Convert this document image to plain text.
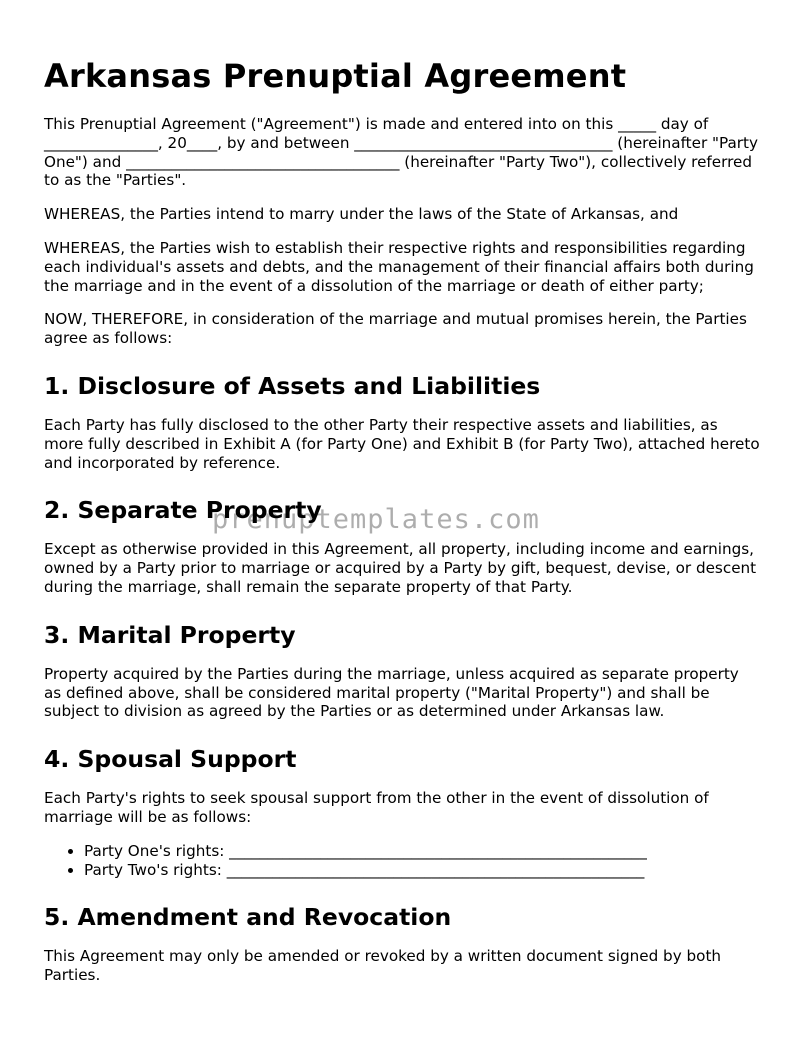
Arkansas Prenuptial Agreement

This Prenuptial Agreement ("Agreement") is made and entered into on this _____ day of _______________, 20____, by and between __________________________________ (hereinafter "Party One") and ____________________________________ (hereinafter "Party Two"), collectively referred to as the "Parties".

WHEREAS, the Parties intend to marry under the laws of the State of Arkansas, and

WHEREAS, the Parties wish to establish their respective rights and responsibilities regarding each individual's assets and debts, and the management of their financial affairs both during the marriage and in the event of a dissolution of the marriage or death of either party;

NOW, THEREFORE, in consideration of the marriage and mutual promises herein, the Parties agree as follows:

1. Disclosure of Assets and Liabilities

Each Party has fully disclosed to the other Party their respective assets and liabilities, as more fully described in Exhibit A (for Party One) and Exhibit B (for Party Two), attached hereto and incorporated by reference.

2. Separate Property

Except as otherwise provided in this Agreement, all property, including income and earnings, owned by a Party prior to marriage or acquired by a Party by gift, bequest, devise, or descent during the marriage, shall remain the separate property of that Party.

3. Marital Property

Property acquired by the Parties during the marriage, unless acquired as separate property as defined above, shall be considered marital property ("Marital Property") and shall be subject to division as agreed by the Parties or as determined under Arkansas law.

4. Spousal Support

Each Party's rights to seek spousal support from the other in the event of dissolution of marriage will be as follows:

• Party One's rights: _______________________________________________________
• Party Two's rights: _______________________________________________________
5. Amendment and Revocation

This Agreement may only be amended or revoked by a written document signed by both Parties.

prenuptemplates.com
